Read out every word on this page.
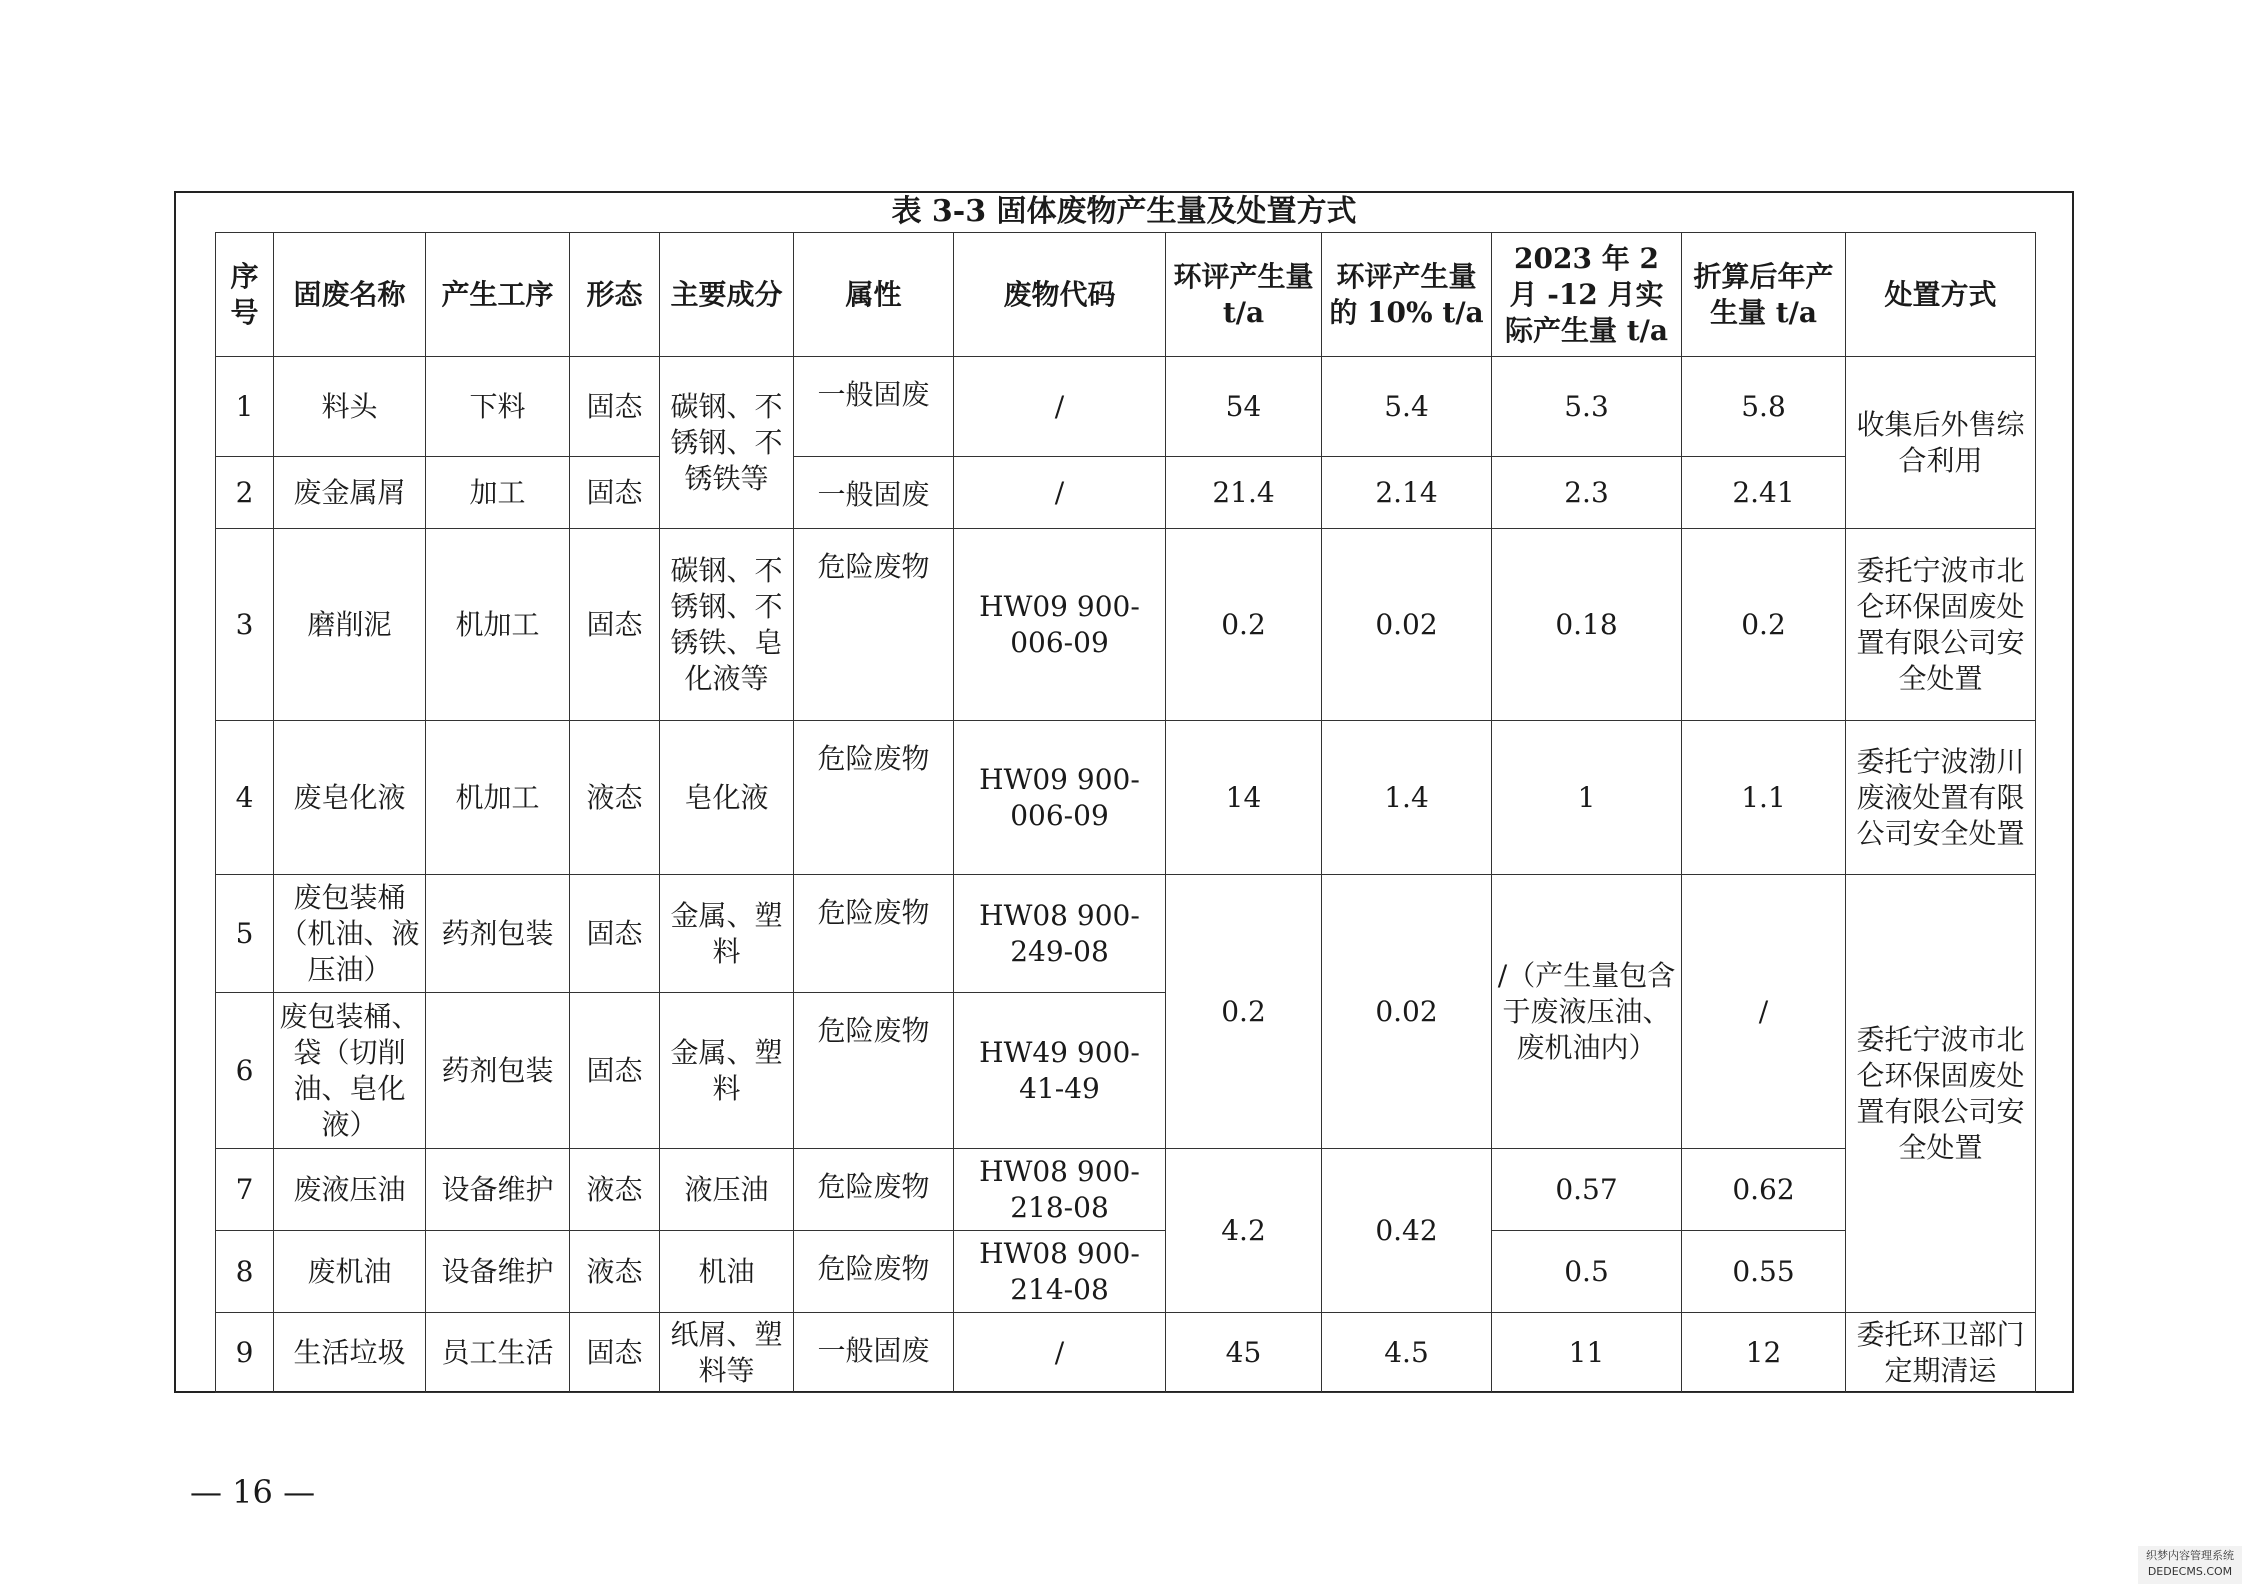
表 3-3 固体废物产生量及处置方式
序号	固废名称	产生工序	形态	主要成分	属性	废物代码	环评产生量 t/a	环评产生量的 10% t/a	2023 年 2 月 -12 月实际产生量 t/a	折算后年产生量 t/a	处置方式
1	料头	下料	固态	碳钢、不锈钢、不锈铁等	一般固废	/	54	5.4	5.3	5.8	收集后外售综合利用
2	废金属屑	加工	固态		一般固废	/	21.4	2.14	2.3	2.41	
3	磨削泥	机加工	固态	碳钢、不锈钢、不锈铁、皂化液等	危险废物	HW09 900-006-09	0.2	0.02	0.18	0.2	委托宁波市北仑环保固废处置有限公司安全处置
4	废皂化液	机加工	液态	皂化液	危险废物	HW09 900-006-09	14	1.4	1	1.1	委托宁波渤川废液处置有限公司安全处置
5	废包装桶（机油、液压油）	药剂包装	固态	金属、塑料	危险废物	HW08 900-249-08	0.2	0.02	/（产生量包含于废液压油、废机油内）	/	委托宁波市北仑环保固废处置有限公司安全处置
6	废包装桶、袋（切削油、皂化液）	药剂包装	固态	金属、塑料	危险废物	HW49 900-41-49					
7	废液压油	设备维护	液态	液压油	危险废物	HW08 900-218-08	4.2	0.42	0.57	0.62	
8	废机油	设备维护	液态	机油	危险废物	HW08 900-214-08			0.5	0.55	
9	生活垃圾	员工生活	固态	纸屑、塑料等	一般固废	/	45	4.5	11	12	委托环卫部门定期清运
— 16 —
织梦内容管理系统
DEDECMS.COM
